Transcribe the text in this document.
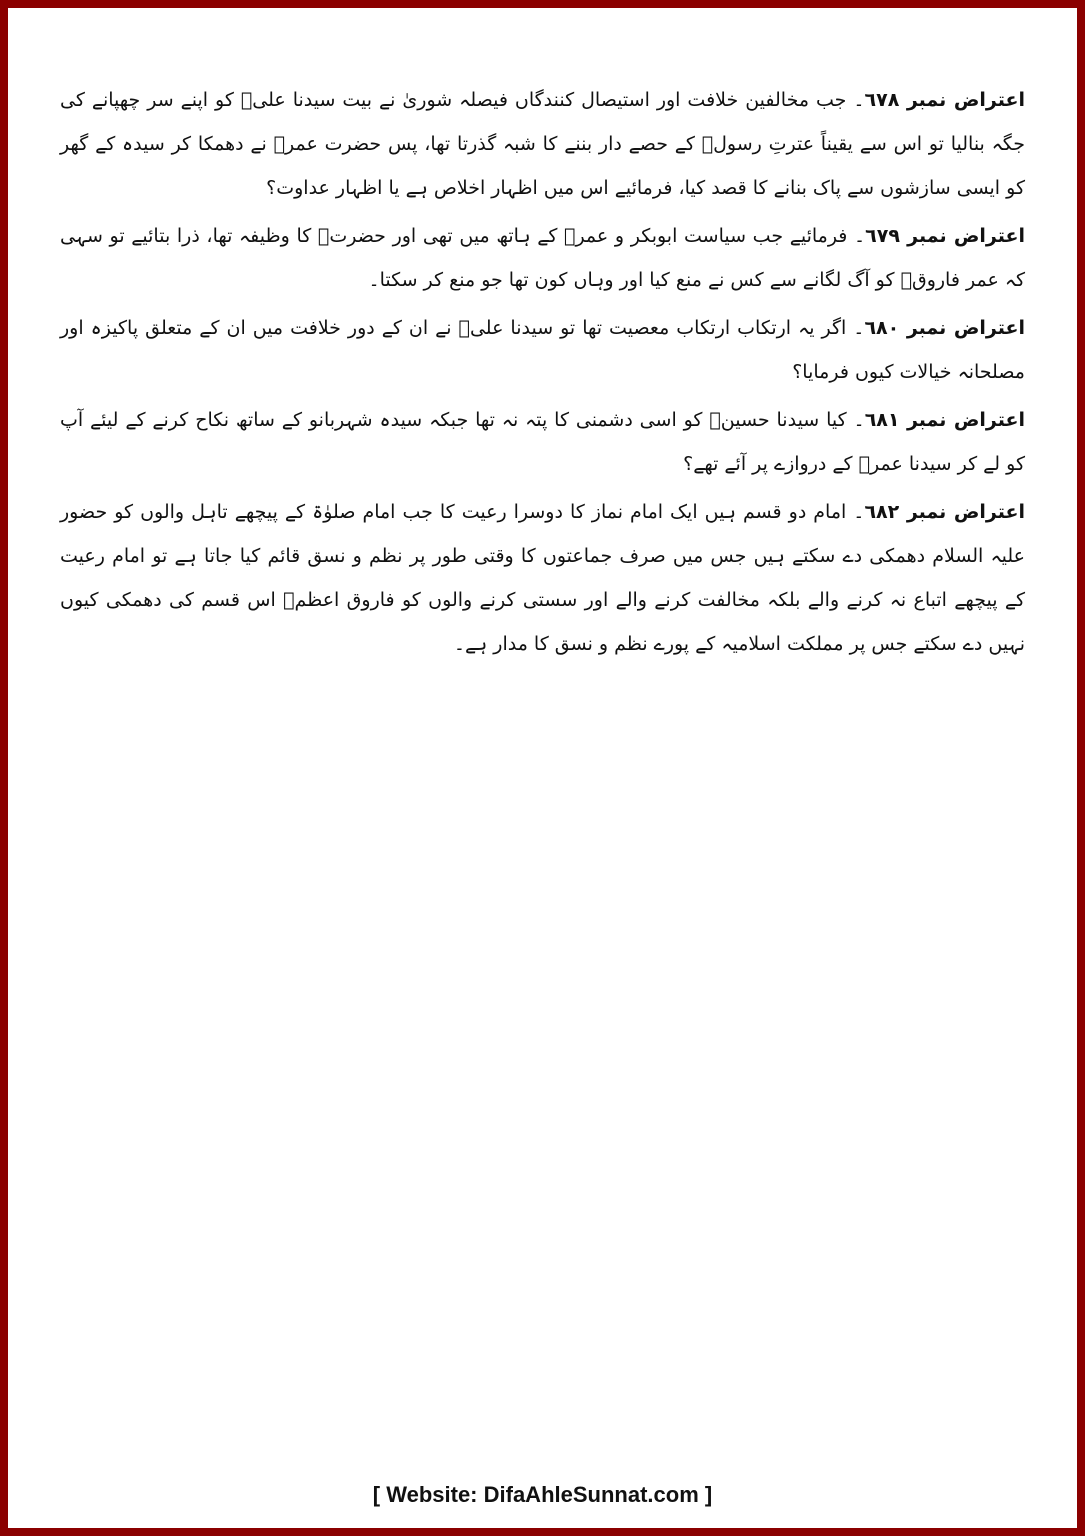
اعتراض نمبر ٦٧٨۔ جب مخالفین خلافت اور استیصال کنندگاں فیصلہ شوریٰ نے بیت سیدنا علیؓ کو اپنے سر چھپانے کی جگہ بنالیا تو اس سے یقیناً عترتِ رسولؐ کے حصے دار بننے کا شبہ گذرتا تھا، پس حضرت عمرؓ نے دھمکا کر سیدہ کے گھر کو ایسی سازشوں سے پاک بنانے کا قصد کیا، فرمائیے اس میں اظہار اخلاص ہے یا اظہار عداوت؟

اعتراض نمبر ٦٧٩۔ فرمائیے جب سیاست ابوبکر و عمرؓ کے ہاتھ میں تھی اور حضرتؓ کا وظیفہ تھا، ذرا بتائیے تو سہی کہ عمر فاروقؓ کو آگ لگانے سے کس نے منع کیا اور وہاں کون تھا جو منع کر سکتا۔

اعتراض نمبر ٦٨٠۔ اگر یہ ارتکاب ارتکاب معصیت تھا تو سیدنا علیؓ نے ان کے دور خلافت میں ان کے متعلق پاکیزہ اور مصلحانہ خیالات کیوں فرمایا؟

اعتراض نمبر ٦٨١۔ کیا سیدنا حسینؓ کو اسی دشمنی کا پتہ نہ تھا جبکہ سیدہ شہربانو کے ساتھ نکاح کرنے کے لیئے آپ کو لے کر سیدنا عمرؓ کے دروازے پر آئے تھے؟

اعتراض نمبر ٦٨٢۔ امام دو قسم ہیں ایک امام نماز کا دوسرا رعیت کا جب امام صلوٰۃ کے پیچھے تاہل والوں کو حضور علیہ السلام دھمکی دے سکتے ہیں جس میں صرف جماعتوں کا وقتی طور پر نظم و نسق قائم کیا جاتا ہے تو امام رعیت کے پیچھے اتباع نہ کرنے والے بلکہ مخالفت کرنے والے اور سستی کرنے والوں کو فاروق اعظمؓ اس قسم کی دھمکی کیوں نہیں دے سکتے جس پر مملکت اسلامیہ کے پورے نظم و نسق کا مدار ہے۔

[ Website: DifaAhleSunnat.com ]
